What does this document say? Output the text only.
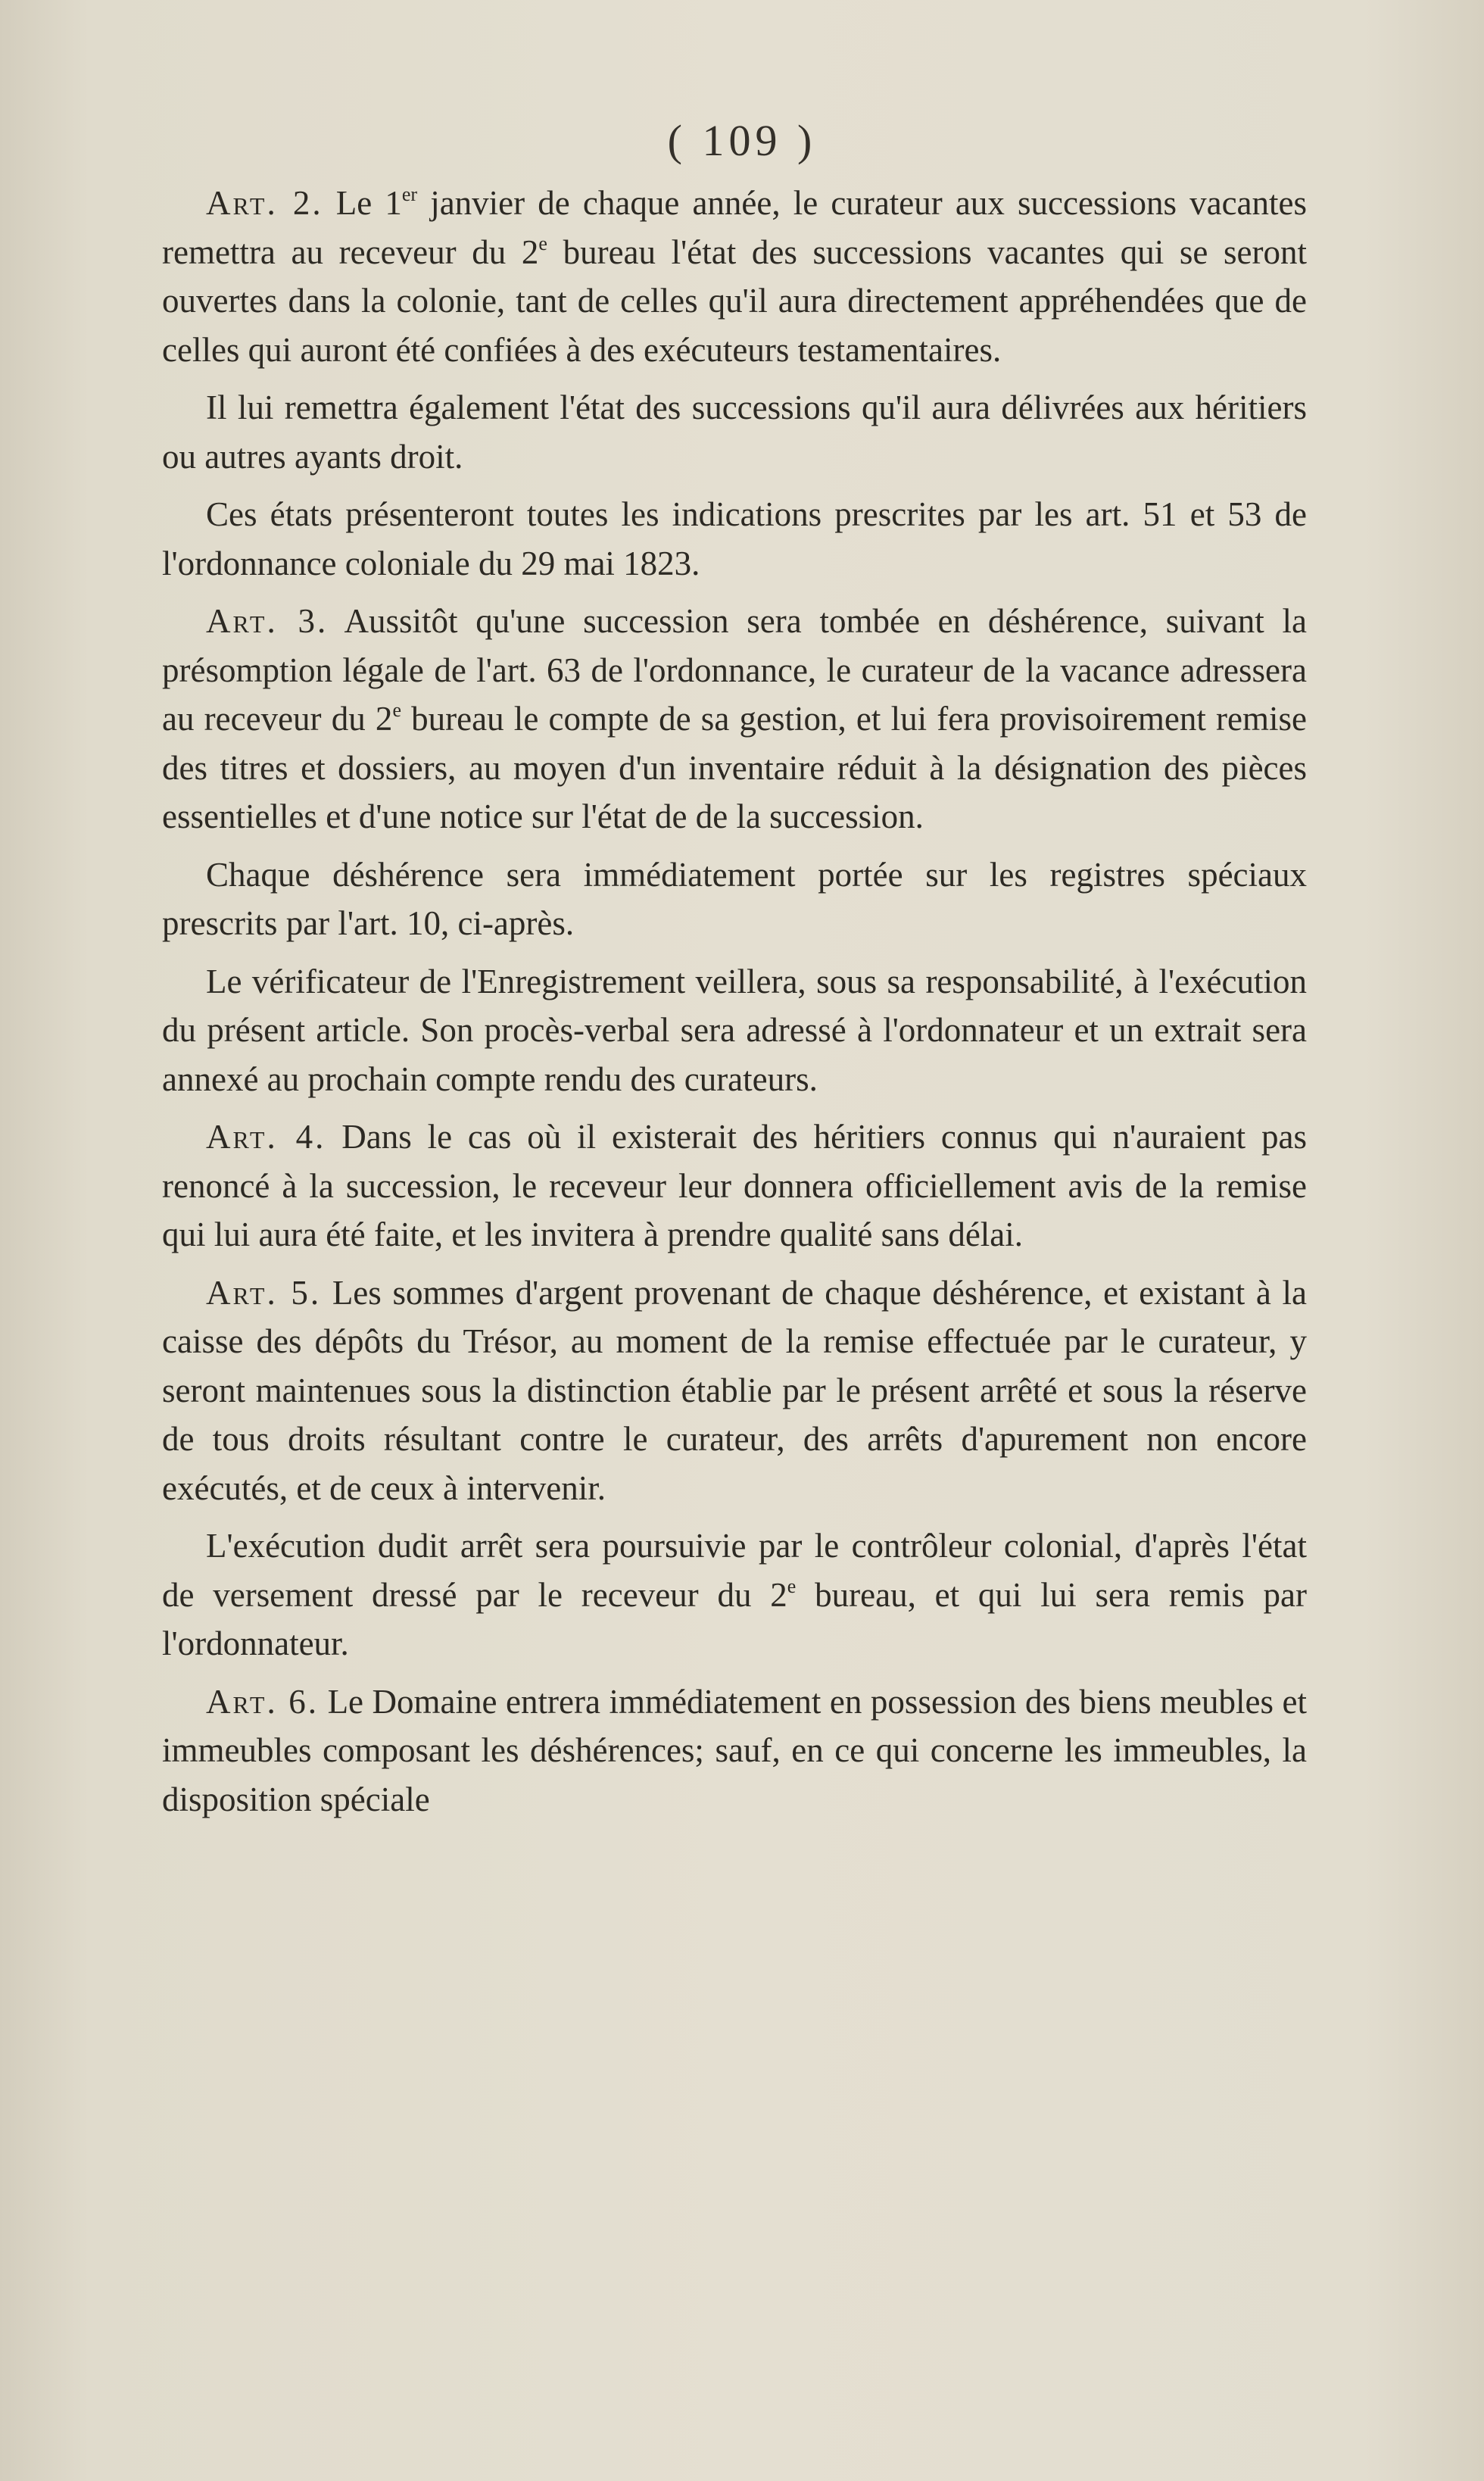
( 109 )

Art. 2. Le 1er janvier de chaque année, le curateur aux successions vacantes remettra au receveur du 2e bureau l'état des successions vacantes qui se seront ouvertes dans la colonie, tant de celles qu'il aura directement appréhendées que de celles qui auront été confiées à des exécuteurs testamentaires.

Il lui remettra également l'état des successions qu'il aura délivrées aux héritiers ou autres ayants droit.

Ces états présenteront toutes les indications prescrites par les art. 51 et 53 de l'ordonnance coloniale du 29 mai 1823.

Art. 3. Aussitôt qu'une succession sera tombée en déshérence, suivant la présomption légale de l'art. 63 de l'ordonnance, le curateur de la vacance adressera au receveur du 2e bureau le compte de sa gestion, et lui fera provisoirement remise des titres et dossiers, au moyen d'un inventaire réduit à la désignation des pièces essentielles et d'une notice sur l'état de de la succession.

Chaque déshérence sera immédiatement portée sur les registres spéciaux prescrits par l'art. 10, ci-après.

Le vérificateur de l'Enregistrement veillera, sous sa responsabilité, à l'exécution du présent article. Son procès-verbal sera adressé à l'ordonnateur et un extrait sera annexé au prochain compte rendu des curateurs.

Art. 4. Dans le cas où il existerait des héritiers connus qui n'auraient pas renoncé à la succession, le receveur leur donnera officiellement avis de la remise qui lui aura été faite, et les invitera à prendre qualité sans délai.

Art. 5. Les sommes d'argent provenant de chaque déshérence, et existant à la caisse des dépôts du Trésor, au moment de la remise effectuée par le curateur, y seront maintenues sous la distinction établie par le présent arrêté et sous la réserve de tous droits résultant contre le curateur, des arrêts d'apurement non encore exécutés, et de ceux à intervenir.

L'exécution dudit arrêt sera poursuivie par le contrôleur colonial, d'après l'état de versement dressé par le receveur du 2e bureau, et qui lui sera remis par l'ordonnateur.

Art. 6. Le Domaine entrera immédiatement en possession des biens meubles et immeubles composant les déshérences; sauf, en ce qui concerne les immeubles, la disposition spéciale
